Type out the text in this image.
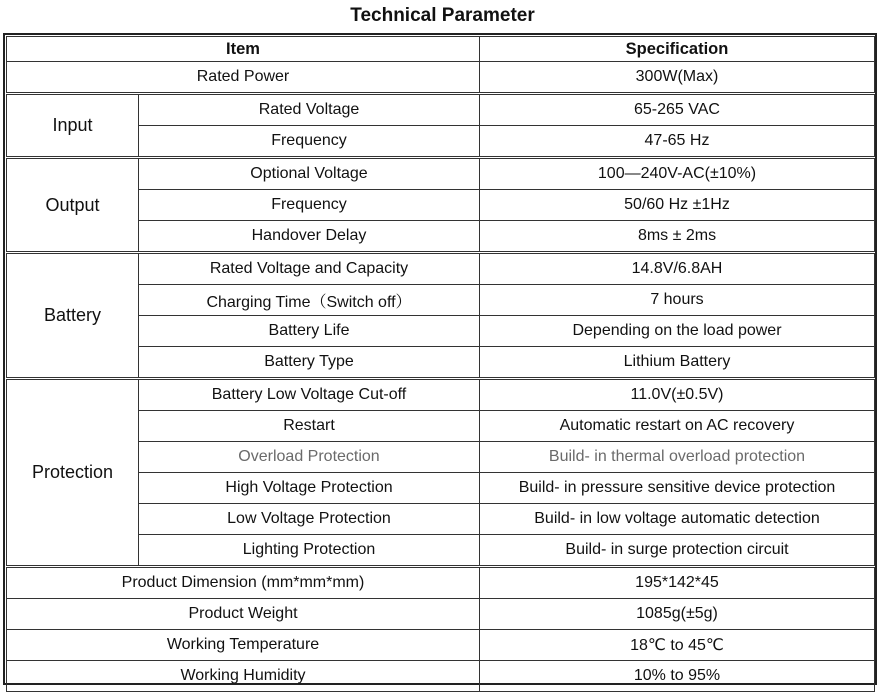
Technical Parameter
Item		Specification
Rated Power		300W(Max)
Input	Rated Voltage	65-265 VAC
	Frequency	47-65 Hz
Output	Optional Voltage	100—240V-AC(±10%)
	Frequency	50/60 Hz ±1Hz
	Handover Delay	8ms ± 2ms
Battery	Rated Voltage and Capacity	14.8V/6.8AH
	Charging Time（Switch off）	7 hours
	Battery Life	Depending on the load power
	Battery Type	Lithium Battery
Protection	Battery Low Voltage Cut-off	11.0V(±0.5V)
	Restart	Automatic restart on AC recovery
	Overload Protection	Build- in thermal overload protection
	High Voltage Protection	Build- in pressure sensitive device protection
	Low Voltage Protection	Build- in low voltage automatic detection
	Lighting Protection	Build- in surge protection circuit
Product Dimension (mm*mm*mm)		195*142*45
Product Weight		1085g(±5g)
Working Temperature		18℃ to 45℃
Working Humidity		10% to 95%
